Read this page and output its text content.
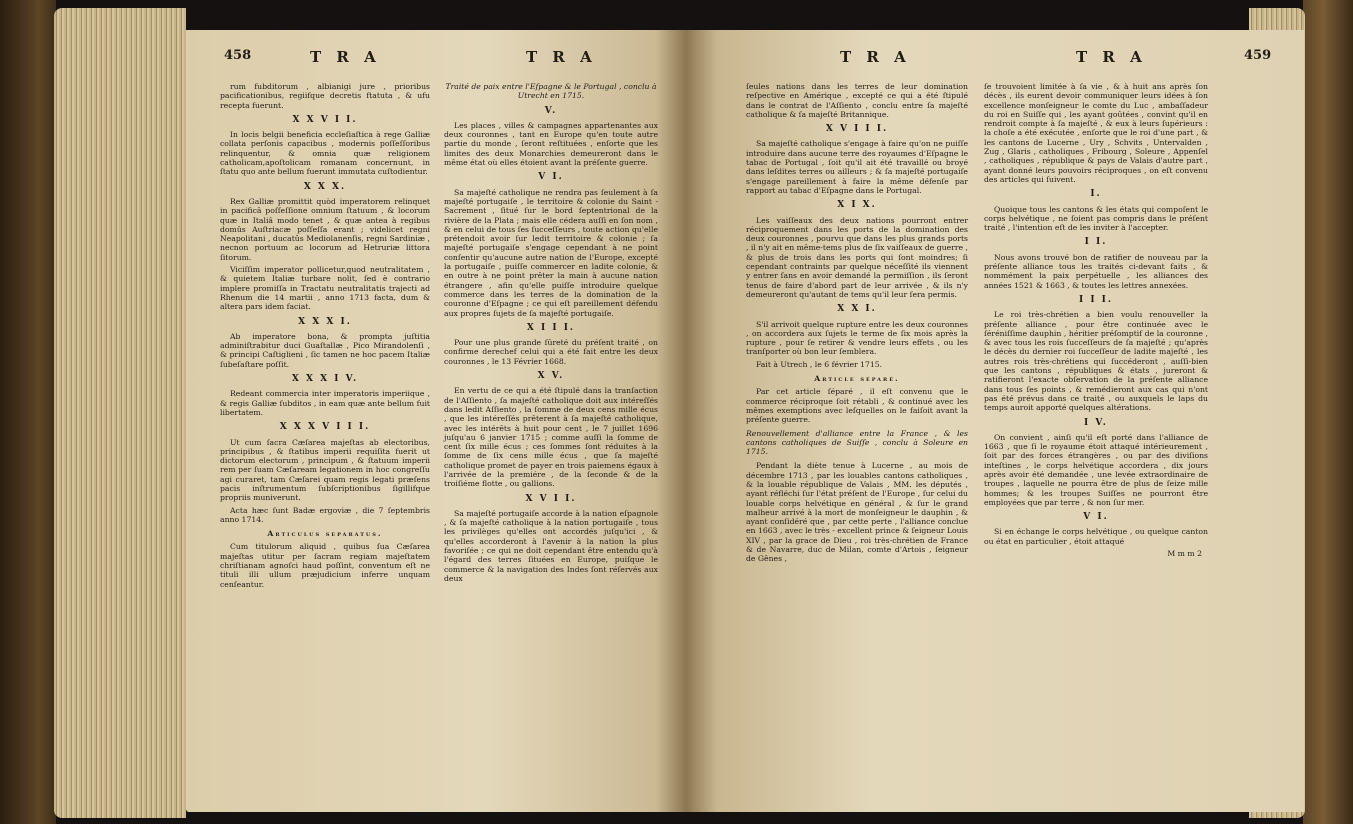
458	T R A	T R A

rum fubditorum , albianigi jure , prioribus pacificationibus, regiifque decretis ftatuta , & ufu recepta fuerunt.

X X V I I.

In locis belgii beneficia eccleſiaſtica à rege Galliæ collata perſonis capacibus , modernis poſſeſſoribus relinquentur, & omnia quæ religionem catholicam,apoſtolicam romanam concernunt, in ſtatu quo ante bellum fuerunt immutata cuſtodientur.

X X X.

Rex Galliæ promittit quòd imperatorem relinquet in pacificâ poſſeſſione omnium ſtatuum , & locorum quæ in Italiâ modo tenet , & quæ antea à regibus domûs Auſtriacæ poſſeſſa erant ; videlicet regni Neapolitani , ducatûs Mediolanenſis, regni Sardiniæ , necnon portuum ac locorum ad Hetruriæ littora ſitorum.

Viciſſim imperator pollicetur,quod neutralitatem , & quietem Italiæ turbare nolit, ſed è contrario implere promiſſa in Tractatu neutralitatis trajecti ad Rhenum die 14 martii , anno 1713 facta, dum & altera pars idem faciat.

X X X I.

Ab imperatore bona, & prompta juſtitia adminiſtrabitur duci Guaſtallæ , Pico Mirandolenſi , & principi Caſtiglieni , ſic tamen ne hoc pacem Italiæ ſubeſaſtare poſſit.

X X X I V.

Redeant commercia inter imperatoris imperiique , & regis Galliæ ſubditos , in eam quæ ante bellum fuit libertatem.

X X X V I I I.

Ut cum ſacra Cæſarea majeſtas ab electoribus, principibus , & ſtatibus imperii requiſita fuerit ut dictorum electorum , principum , & ſtatuum imperii rem per ſuam Cæſaream legationem in hoc congreſſu agi curaret, tam Cæſarei quam regis legati præſens pacis inſtrumentum ſubſcriptionibus ſigillifque propriis muniverunt.

Acta hæc ſunt Badæ ergoviæ , die 7 ſeptembris anno 1714.

Articulus separatus.

Cum titulorum aliquid , quibus ſua Cæſarea majeſtas utitur per ſacram regiam majeſtatem chriſtianam agnoſci haud poſſint, conventum eſt ne tituli illi ullum præjudicium inferre unquam cenſeantur.

Traité de paix entre l'Eſpagne & le Portugal , conclu à Utrecht en 1715.
V.

Les places , villes & campagnes appartenantes aux deux couronnes , tant en Europe qu'en toute autre partie du monde , ſeront reſtituées , enſorte que les limites des deux Monarchies demeureront dans le même état où elles étoient avant la préſente guerre.

V I.

Sa majeſté catholique ne rendra pas ſeulement à ſa majeſté portugaiſe , le territoire & colonie du Saint - Sacrement , ſitué ſur le bord ſeptentrional de la rivière de la Plata ; mais elle cédera auſſi en ſon nom , & en celui de tous ſes ſucceſſeurs , toute action qu'elle prétendoit avoir ſur ledit territoire & colonie ; ſa majeſté portugaiſe s'engage cependant à ne point conſentir qu'aucune autre nation de l'Europe, excepté la portugaiſe , puiſſe commercer en ladite colonie, & en outre à ne point prêter la main à aucune nation étrangere , afin qu'elle puiſſe introduire quelque commerce dans les terres de la domination de la couronne d'Eſpagne ; ce qui eſt pareillement défendu aux propres ſujets de ſa majeſté portugaiſe.

X I I I.

Pour une plus grande ſûreté du préſent traité , on confirme derechef celui qui a été fait entre les deux couronnes , le 13 Février 1668.

X V.

En vertu de ce qui a été ſtipulé dans la tranſaction de l'Aſſiento , ſa majeſté catholique doit aux intéreſſés dans ledit Aſſiento , la ſomme de deux cens mille écus , que les intéreſſés prêterent à ſa majeſté catholique, avec les intérêts à huit pour cent , le 7 juillet 1696 juſqu'au 6 janvier 1715 ; comme auſſi la ſomme de cent ſix mille écus ; ces ſommes ſont réduites à la ſomme de ſix cens mille écus , que ſa majeſté catholique promet de payer en trois paiemens égaux à l'arrivée de la premiére , de la ſeconde & de la troiſiéme flotte , ou gallions.

X V I I.

Sa majeſté portugaiſe accorde à la nation eſpagnole , & ſa majeſté catholique à la nation portugaiſe , tous les privilèges qu'elles ont accordés juſqu'ici , & qu'elles accorderont à l'avenir à la nation la plus favoriſée ; ce qui ne doit cependant être entendu qu'à l'égard des terres ſituées en Europe, puiſque le commerce & la navigation des Indes ſont réſervés aux deux

T R A	T R A	459

ſeules nations dans les terres de leur domination reſpective en Amérique , excepté ce qui a été ſtipulé dans le contrat de l'Aſſiento , conclu entre ſa majeſté catholique & ſa majeſté Britannique.

X V I I I.

Sa majeſté catholique s'engage à faire qu'on ne puiſſe introduire dans aucune terre des royaumes d'Eſpagne le tabac de Portugal , ſoit qu'il ait été travaillé ou broyé dans leſdites terres ou ailleurs ; & ſa majeſté portugaiſe s'engage pareillement à faire la même défenſe par rapport au tabac d'Eſpagne dans le Portugal.

X I X.

Les vaiſſeaux des deux nations pourront entrer réciproquement dans les ports de la domination des deux couronnes , pourvu que dans les plus grands ports , il n'y ait en même-tems plus de ſix vaiſſeaux de guerre , & plus de trois dans les ports qui ſont moindres; ſi cependant contraints par quelque néceſſité ils viennent y entrer ſans en avoir demandé la permiſſion , ils ſeront tenus de faire d'abord part de leur arrivée , & ils n'y demeureront qu'autant de tems qu'il leur ſera permis.

X X I.

S'il arrivoit quelque rupture entre les deux couronnes , on accordera aux ſujets le terme de ſix mois après la rupture , pour ſe retirer & vendre leurs effets , ou les tranſporter où bon leur ſemblera.

Fait à Utrech , le 6 février 1715.

Article séparé.

Par cet article ſéparé , il eſt convenu que le commerce réciproque ſoit rétabli , & continué avec les mêmes exemptions avec leſquelles on le faiſoit avant la préſente guerre.

Renouvellement d'alliance entre la France , & les cantons catholiques de Suiſſe , conclu à Soleure en 1715.

Pendant la diète tenue à Lucerne , au mois de décembre 1713 , par les louables cantons catholiques , & la louable république de Valais , MM. les députés , ayant réfléchi ſur l'état préſent de l'Europe , ſur celui du louable corps helvétique en général , & ſur le grand malheur arrivé à la mort de monſeigneur le dauphin , & ayant conſidéré que , par cette perte , l'alliance conclue en 1663 , avec le très - excellent prince & ſeigneur Louis XIV , par la grace de Dieu , roi très-chrétien de France & de Navarre, duc de Milan, comte d'Artois , ſeigneur de Gênes ,

ſe trouvoient limitée à ſa vie , & à huit ans après ſon décès , ils eurent devoir communiquer leurs idées à ſon excellence monſeigneur le comte du Luc , ambaſſadeur du roi en Suiſſe qui , les ayant goûtées , convint qu'il en rendroit compte à ſa majeſté , & eux à leurs ſupérieurs : la choſe a été exécutée , enſorte que le roi d'une part , & les cantons de Lucerne , Ury , Schvits , Untervalden , Zug , Glaris , catholiques , Fribourg , Soleure , Appenſel , catholiques , république & pays de Valais d'autre part , ayant donné leurs pouvoirs réciproques , on eſt convenu des articles qui ſuivent.

I.

Quoique tous les cantons & les états qui compoſent le corps helvétique , ne ſoient pas compris dans le préſent traité , l'intention eſt de les inviter à l'accepter.

I I.

Nous avons trouvé bon de ratifier de nouveau par la préſente alliance tous les traités ci-devant faits , & nommément la paix perpétuelle , les alliances des années 1521 & 1663 , & toutes les lettres annexées.

I I I.

Le roi très-chrétien a bien voulu renouveller la préſente alliance , pour être continuée avec le ſéréniſſime dauphin , héritier préſomptif de la couronne , & avec tous les rois ſucceſſeurs de ſa majeſté ; qu'après le décès du dernier roi ſucceſſeur de ladite majeſté , les autres rois très-chrétiens qui ſuccéderont , auſſi-bien que les cantons , républiques & états , jureront & ratifieront l'exacte obſervation de la préſente alliance dans tous ſes points , & remédieront aux cas qui n'ont pas été prévus dans ce traité , ou auxquels le laps du temps auroit apporté quelques altérations.

I V.

On convient , ainſi qu'il eſt porté dans l'alliance de 1663 , que ſi le royaume étoit attaqué intérieurement , ſoit par des forces étrangères , ou par des diviſions inteſtines , le corps helvétique accordera , dix jours après avoir été demandée , une levée extraordinaire de troupes , laquelle ne pourra être de plus de ſeize mille hommes; & les troupes Suiſſes ne pourront être employées que par terre , & non ſur mer.

V I.

Si en échange le corps helvétique , ou quelque canton ou état en particulier , étoit attaqué

M m m 2
